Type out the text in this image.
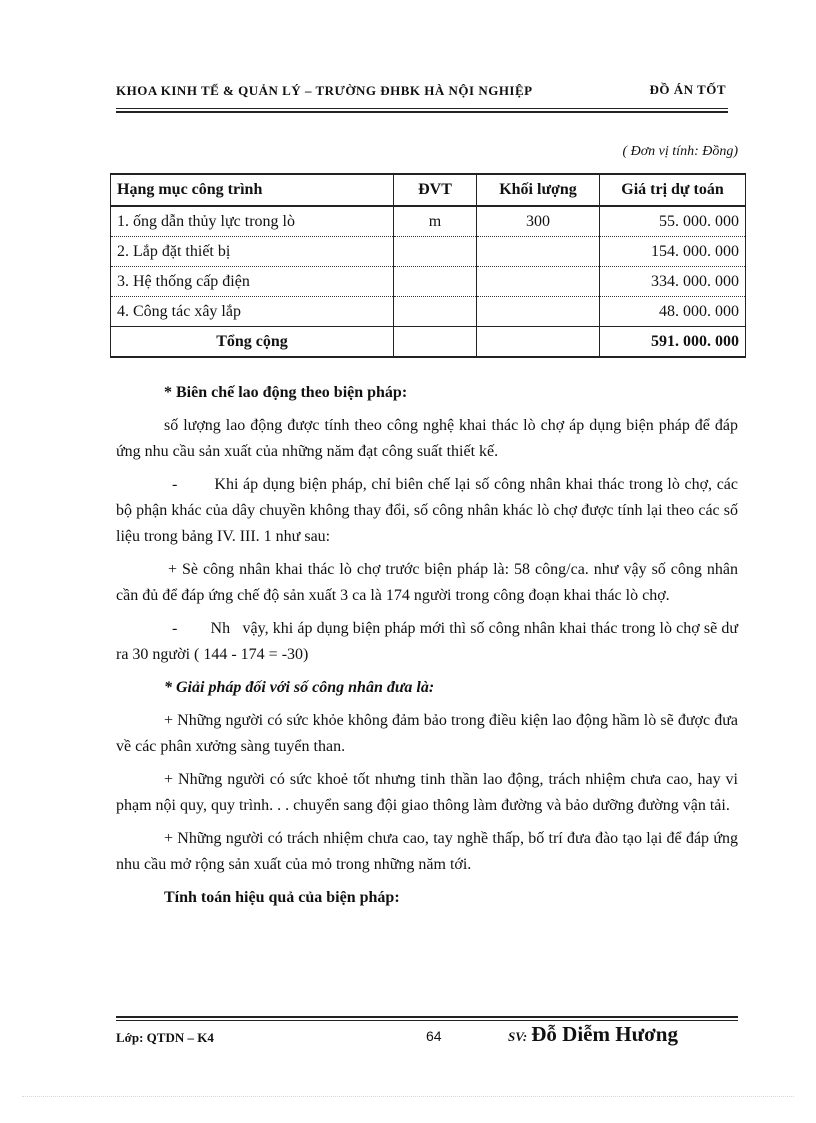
KHOA KINH TẾ & QUẢN LÝ – TRƯỜNG ĐHBK HÀ NỘI NGHIỆP	ĐỒ ÁN TỐT
( Đơn vị tính: Đồng)
Hạng mục công trình	ĐVT	Khối lượng	Giá trị dự toán
1. ống dẫn thủy lực trong lò	m	300	55. 000. 000
2. Lắp đặt thiết bị			154. 000. 000
3. Hệ thống cấp điện			334. 000. 000
4. Công tác xây lắp			48. 000. 000
Tổng cộng			591. 000. 000

* Biên chế lao động theo biện pháp:

số lượng lao động được tính theo công nghệ khai thác lò chợ áp dụng biện pháp để đáp ứng nhu cầu sản xuất của những năm đạt công suất thiết kế.

-        Khi áp dụng biện pháp, chỉ biên chế lại số công nhân khai thác trong lò chợ, các bộ phận khác của dây chuyền không thay đổi, số công nhân khác lò chợ được tính lại theo các số liệu trong bảng IV. III. 1 như sau:

+ Sè công nhân khai thác lò chợ trước biện pháp là: 58 công/ca. như vậy số công nhân cần đủ để đáp ứng chế độ sản xuất 3 ca là 174 người trong công đoạn khai thác lò chợ.

-        Nh   vậy, khi áp dụng biện pháp mới thì số công nhân khai thác trong lò chợ sẽ dư ra 30 người ( 144 - 174 = -30)

* Giải pháp đối với số công nhân đưa là:

+ Những người có sức khỏe không đảm bảo trong điều kiện lao động hầm lò sẽ được đưa về các phân xưởng sàng tuyển than.

+ Những người có sức khoẻ tốt nhưng tinh thần lao động, trách nhiệm chưa cao, hay vi phạm nội quy, quy trình. . . chuyển sang đội giao thông làm đường và bảo dưỡng đường vận tải.

+ Những người có trách nhiệm chưa cao, tay nghề thấp, bố trí đưa đào tạo lại để đáp ứng nhu cầu mở rộng sản xuất của mỏ trong những năm tới.

Tính toán hiệu quả của biện pháp:

Lớp: QTDN – K4	64	SV: Đỗ Diễm Hương
